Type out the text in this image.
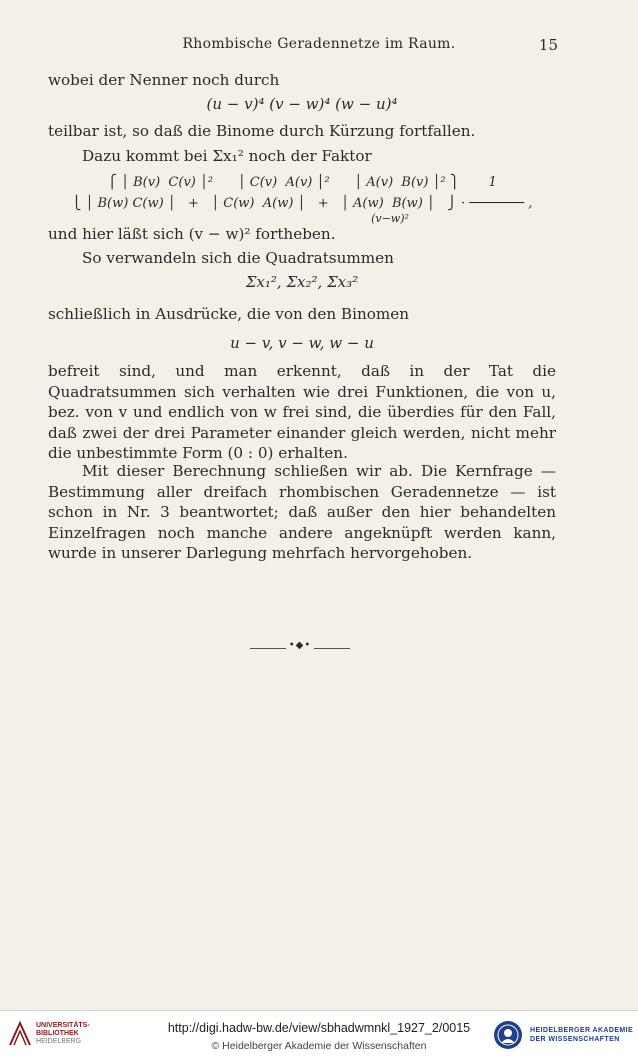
Rhombische Geradennetze im Raum.	15

wobei der Nenner noch durch

(u − v)⁴ (v − w)⁴ (w − u)⁴

teilbar ist, so daß die Binome durch Kürzung fortfallen.

Dazu kommt bei Σx₁² noch der Faktor

⎧ │ B(v)  C(v) │²      │ C(v)  A(v) │²      │ A(v)  B(v) │² ⎫       1
⎩ │ B(w) C(w) │   +   │ C(w)  A(w) │   +   │ A(w)  B(w) │   ⎭ · ─────── ,
(v−w)²

und hier läßt sich (v − w)² fortheben.

So verwandeln sich die Quadratsummen

Σx₁², Σx₂², Σx₃²

schließlich in Ausdrücke, die von den Binomen

u − v, v − w, w − u

befreit sind, und man erkennt, daß in der Tat die Quadratsummen sich verhalten wie drei Funktionen, die von u, bez. von v und endlich von w frei sind, die überdies für den Fall, daß zwei der drei Parameter einander gleich werden, nicht mehr die unbestimmte Form (0 : 0) erhalten.

Mit dieser Berechnung schließen wir ab. Die Kernfrage — Bestimmung aller dreifach rhombischen Geradennetze — ist schon in Nr. 3 beantwortet; daß außer den hier behandelten Einzelfragen noch manche andere angeknüpft werden kann, wurde in unserer Darlegung mehrfach hervorgehoben.

•◆•
UNIVERSITÄTS-
BIBLIOTHEK
HEIDELBERG
http://digi.hadw-bw.de/view/sbhadwmnkl_1927_2/0015
© Heidelberger Akademie der Wissenschaften
HEIDELBERGER AKADEMIE
DER WISSENSCHAFTEN
